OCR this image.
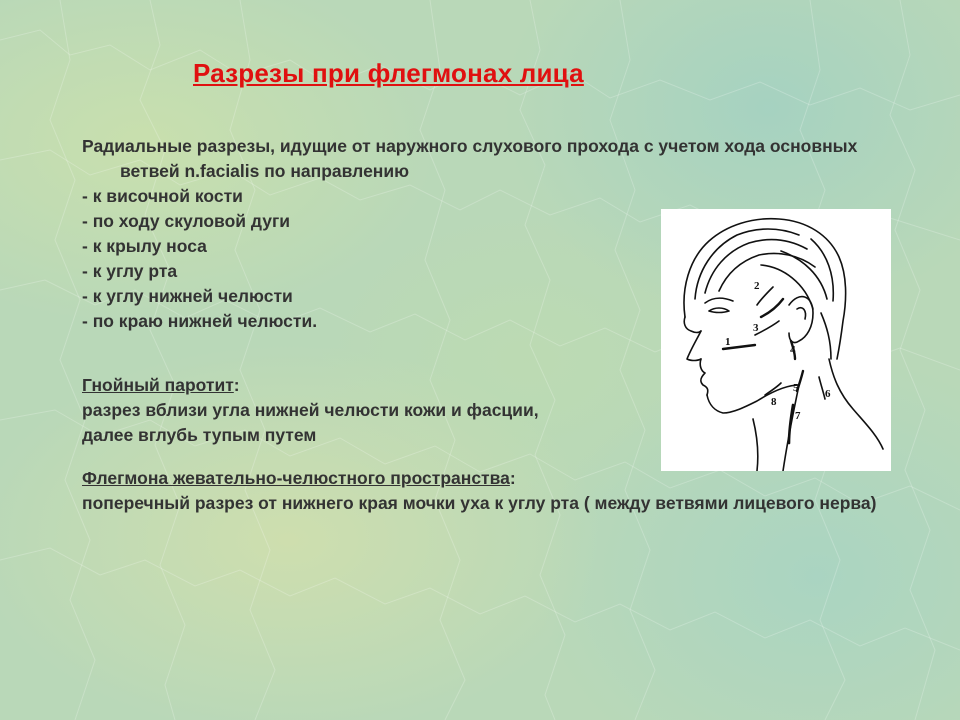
Разрезы при флегмонах лица

Радиальные разрезы, идущие от наружного слухового прохода с учетом хода основных ветвей n.facialis по направлению

- к височной кости

- по ходу скуловой дуги

- к крылу носа

- к углу рта

- к углу нижней челюсти

- по краю нижней челюсти.

Гнойный паротит:

разрез вблизи угла нижней челюсти кожи и фасции,

далее вглубь тупым путем

Флегмона жевательно-челюстного пространства:

поперечный разрез от нижнего края мочки уха к углу рта ( между ветвями лицевого нерва)

1
2
3
4
5 6
7
8
